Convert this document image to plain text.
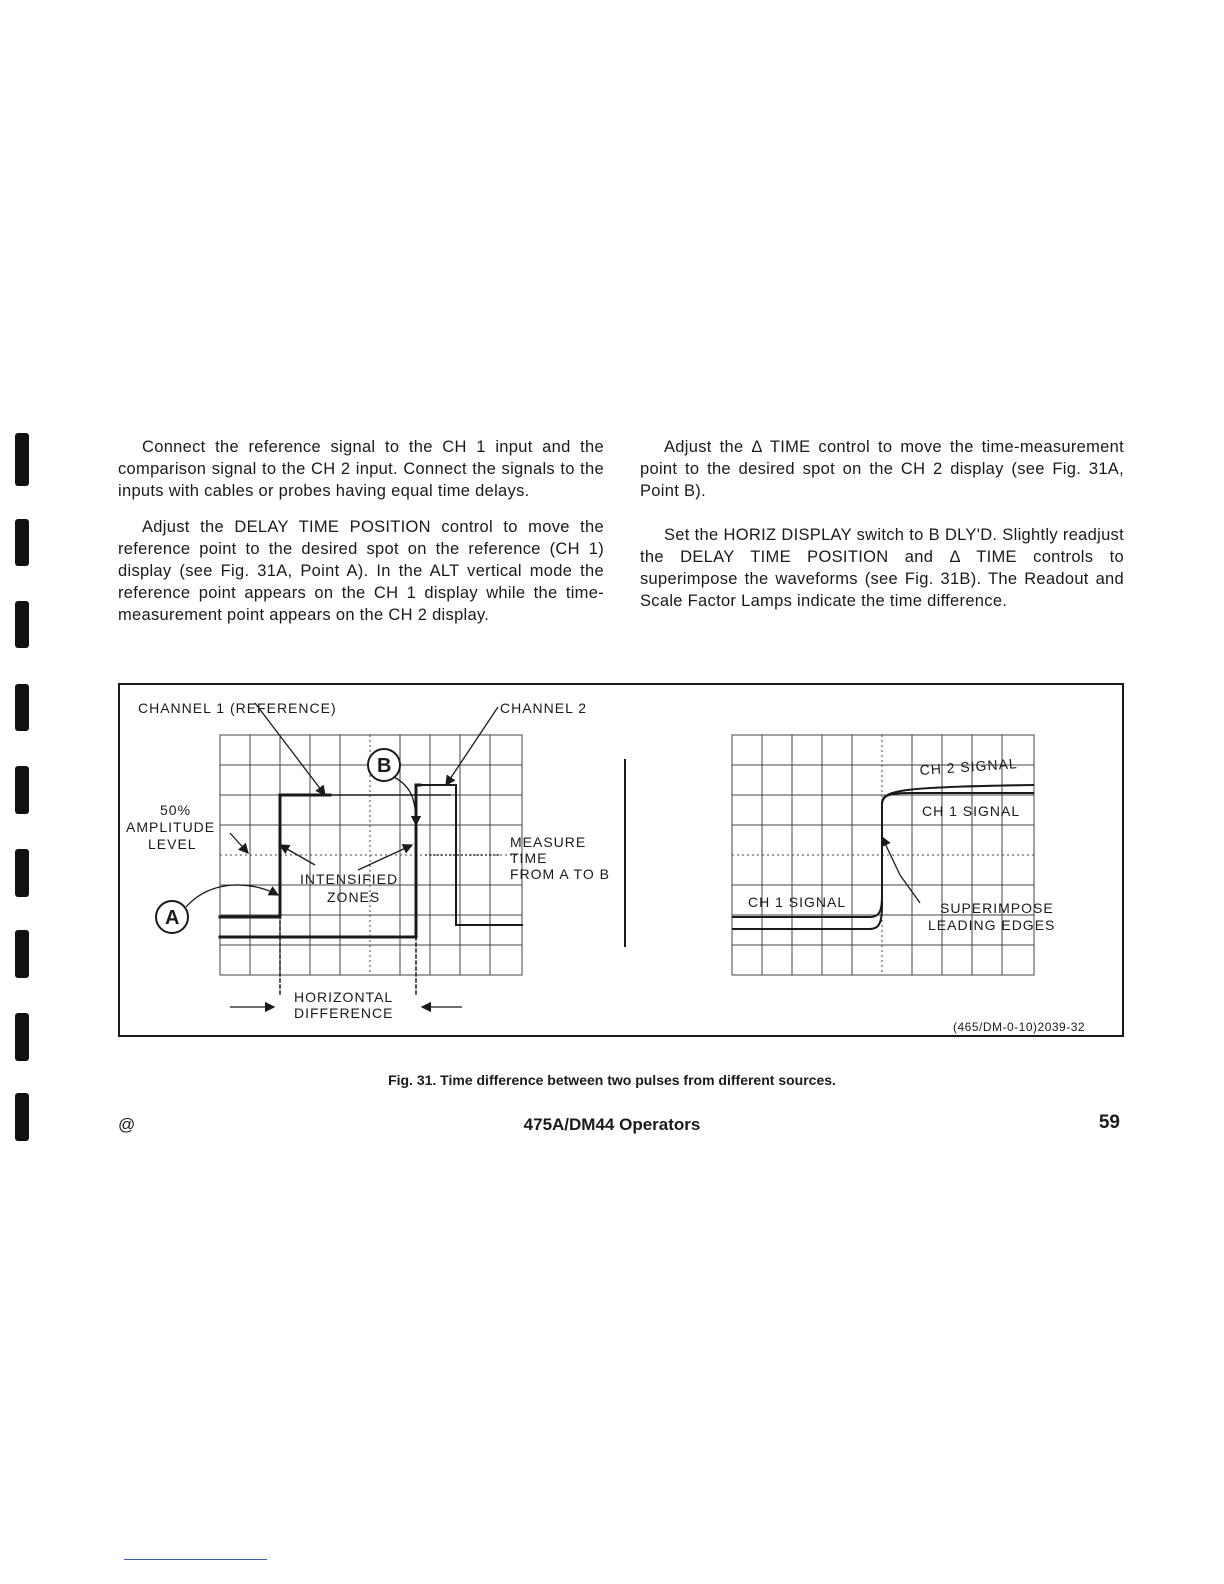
Connect the reference signal to the CH 1 input and the comparison signal to the CH 2 input. Connect the signals to the inputs with cables or probes having equal time delays.

Adjust the DELAY TIME POSITION control to move the reference point to the desired spot on the reference (CH 1) display (see Fig. 31A, Point A). In the ALT vertical mode the reference point appears on the CH 1 display while the time-measurement point appears on the CH 2 display.

Adjust the Δ TIME control to move the time-measurement point to the desired spot on the CH 2 display (see Fig. 31A, Point B).

Set the HORIZ DISPLAY switch to B DLY'D. Slightly readjust the DELAY TIME POSITION and Δ TIME controls to superimpose the waveforms (see Fig. 31B). The Readout and Scale Factor Lamps indicate the time difference.

CHANNEL 1 (REFERENCE)	CHANNEL 2
50%
AMPLITUDE
LEVEL
INTENSIFIED
ZONES
MEASURE
TIME
FROM A TO B
A
B
HORIZONTAL
DIFFERENCE
CH 2 SIGNAL
CH 1 SIGNAL
CH 1 SIGNAL	SUPERIMPOSE
LEADING EDGES
(465/DM-0-10)2039-32
Fig. 31. Time difference between two pulses from different sources.
@	475A/DM44 Operators	59
